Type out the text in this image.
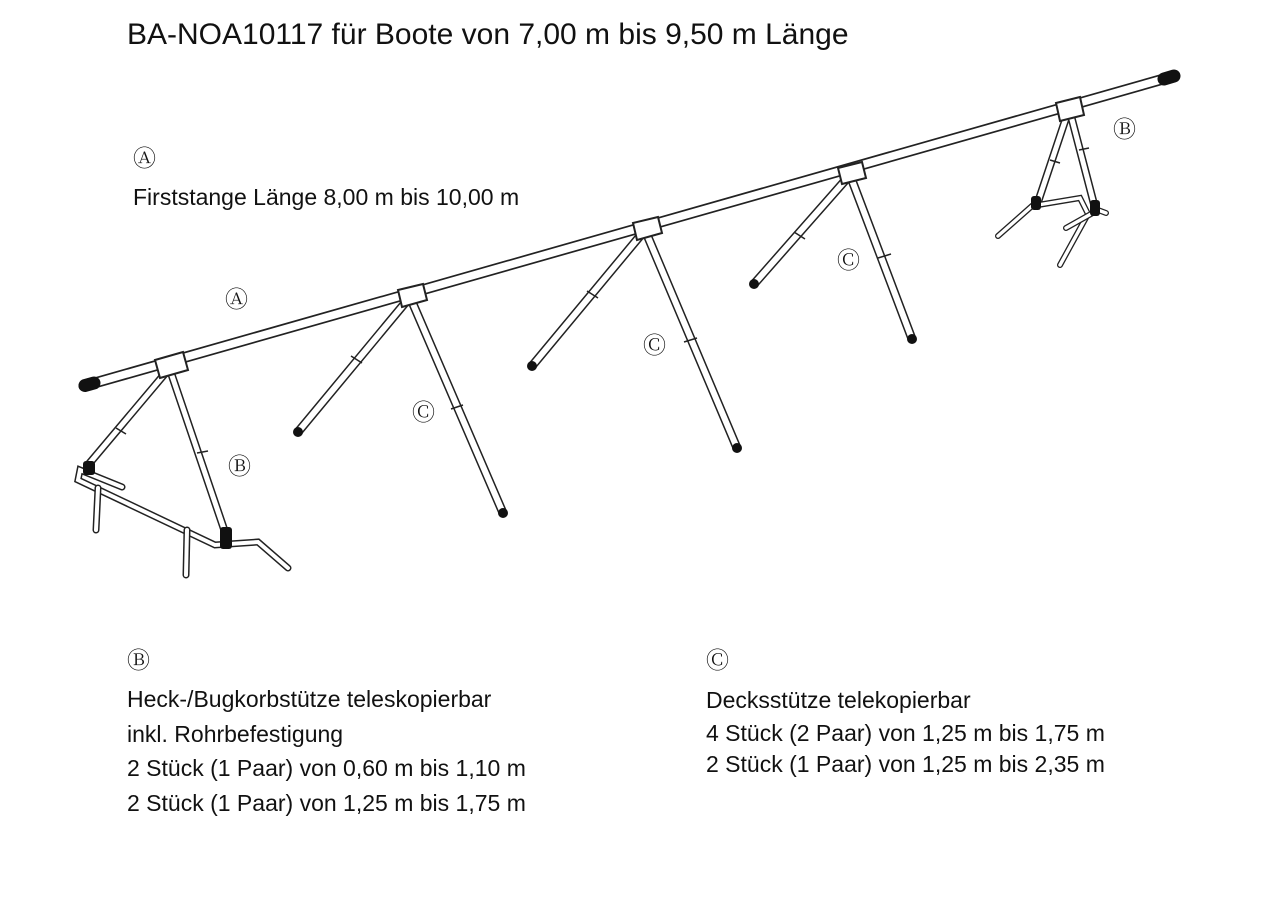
BA-NOA10117 für Boote von 7,00 m bis 9,50 m Länge
Ⓐ
Firststange Länge 8,00 m bis 10,00 m
Ⓐ
Ⓑ
Ⓑ
Ⓒ
Ⓒ
Ⓒ
Ⓑ
Heck-/Bugkorbstütze teleskopierbar
inkl. Rohrbefestigung
2 Stück (1 Paar) von 0,60 m bis 1,10 m
2 Stück (1 Paar) von 1,25 m bis 1,75 m
Ⓒ
Decksstütze telekopierbar
4 Stück (2 Paar) von 1,25 m bis 1,75 m
2 Stück (1 Paar) von 1,25 m bis 2,35 m
